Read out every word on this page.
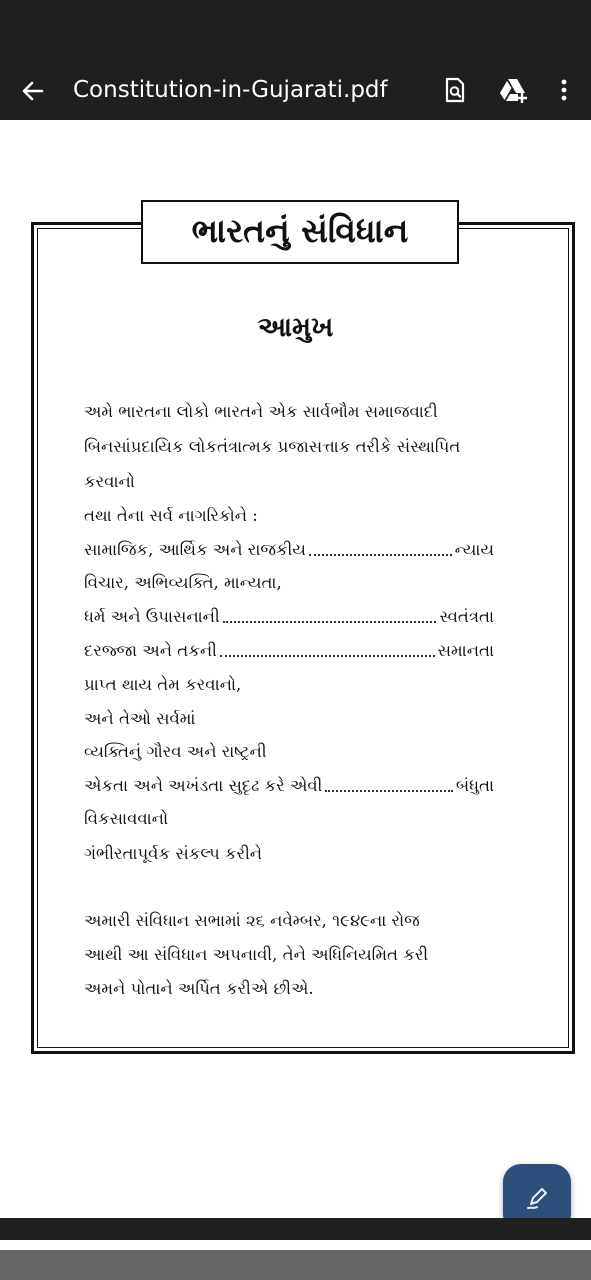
Constitution-in-Gujarati.pdf
ભારતનું સંવિધાન
આમુખ
અમે ભારતના લોકો ભારતને એક સાર્વભૌમ સમાજવાદી
બિનસાંપ્રદાયિક લોકતંત્રાત્મક પ્રજાસત્તાક તરીકે સંસ્થાપિત
કરવાનો
તથા તેના સર્વ નાગરિકોને :
સામાજિક, આર્થિક અને રાજકીય	ન્યાય
વિચાર, અભિવ્યક્તિ, માન્યતા,
ધર્મ અને ઉપાસનાની	સ્વતંત્રતા
દરજ્જા અને તકની	સમાનતા
પ્રાપ્ત થાય તેમ કરવાનો,
અને તેઓ સર્વમાં
વ્યક્તિનું ગૌરવ અને રાષ્ટ્રની
એકતા અને અખંડતા સુદૃઢ કરે એવી	બંધુતા
વિકસાવવાનો
ગંભીરતાપૂર્વક સંકલ્પ કરીને
અમારી સંવિધાન સભામાં ૨૬ નવેમ્બર, ૧૯૪૯ના રોજ
આથી આ સંવિધાન અપનાવી, તેને અધિનિયમિત કરી
અમને પોતાને અર્પિત કરીએ છીએ.
